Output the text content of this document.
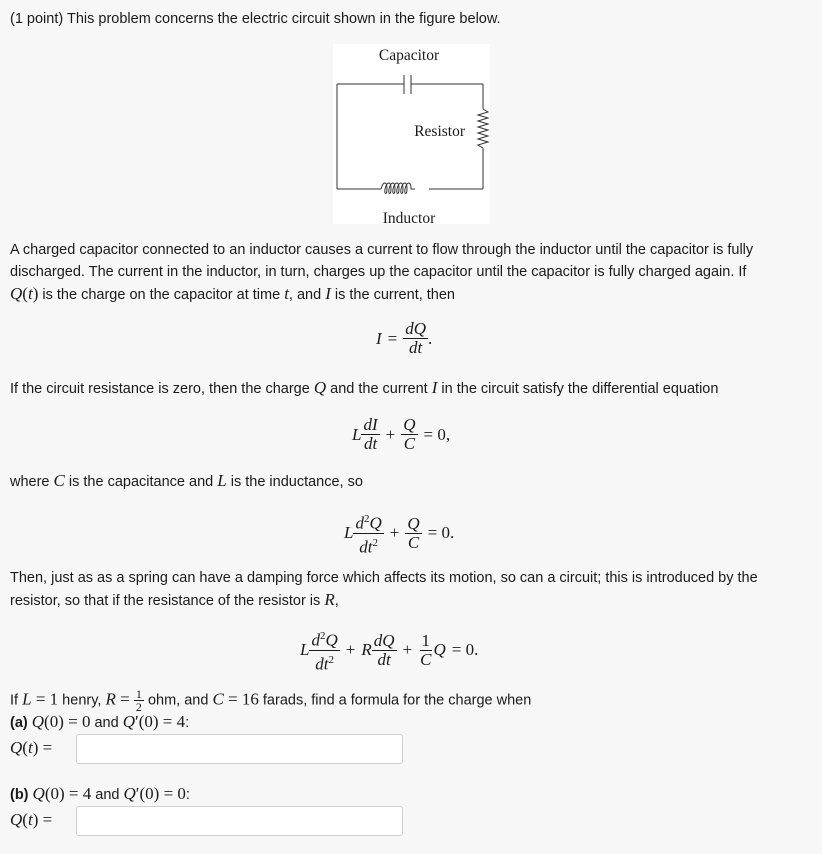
(1 point) This problem concerns the electric circuit shown in the figure below.
Capacitor
Resistor
Inductor
A charged capacitor connected to an inductor causes a current to flow through the inductor until the capacitor is fully
discharged. The current in the inductor, in turn, charges up the capacitor until the capacitor is fully charged again. If
Q(t) is the charge on the capacitor at time t, and I is the current, then
$I = \frac{dQ}{dt}$ .
If the circuit resistance is zero, then the charge Q and the current I in the circuit satisfy the differential equation
L $\frac{dI}{dt} + \frac{Q}{C} = 0$,
where C is the capacitance and L is the inductance, so
L $\frac{d^2Q}{dt^2} + \frac{Q}{C} = 0$.
Then, just as as a spring can have a damping force which affects its motion, so can a circuit; this is introduced by the
resistor, so that if the resistance of the resistor is R,
L $\frac{d^2Q}{dt^2} + R \frac{dQ}{dt} + \frac{1}{C}$ Q = 0.
If L = 1 henry, $R = \frac{1}{2}$ ohm, and C = 16 farads, find a formula for the charge when
(a) Q(0) = 0 and Q′(0) = 4:
Q(t) =
(b) Q(0) = 4 and Q′(0) = 0:
Q(t) =
